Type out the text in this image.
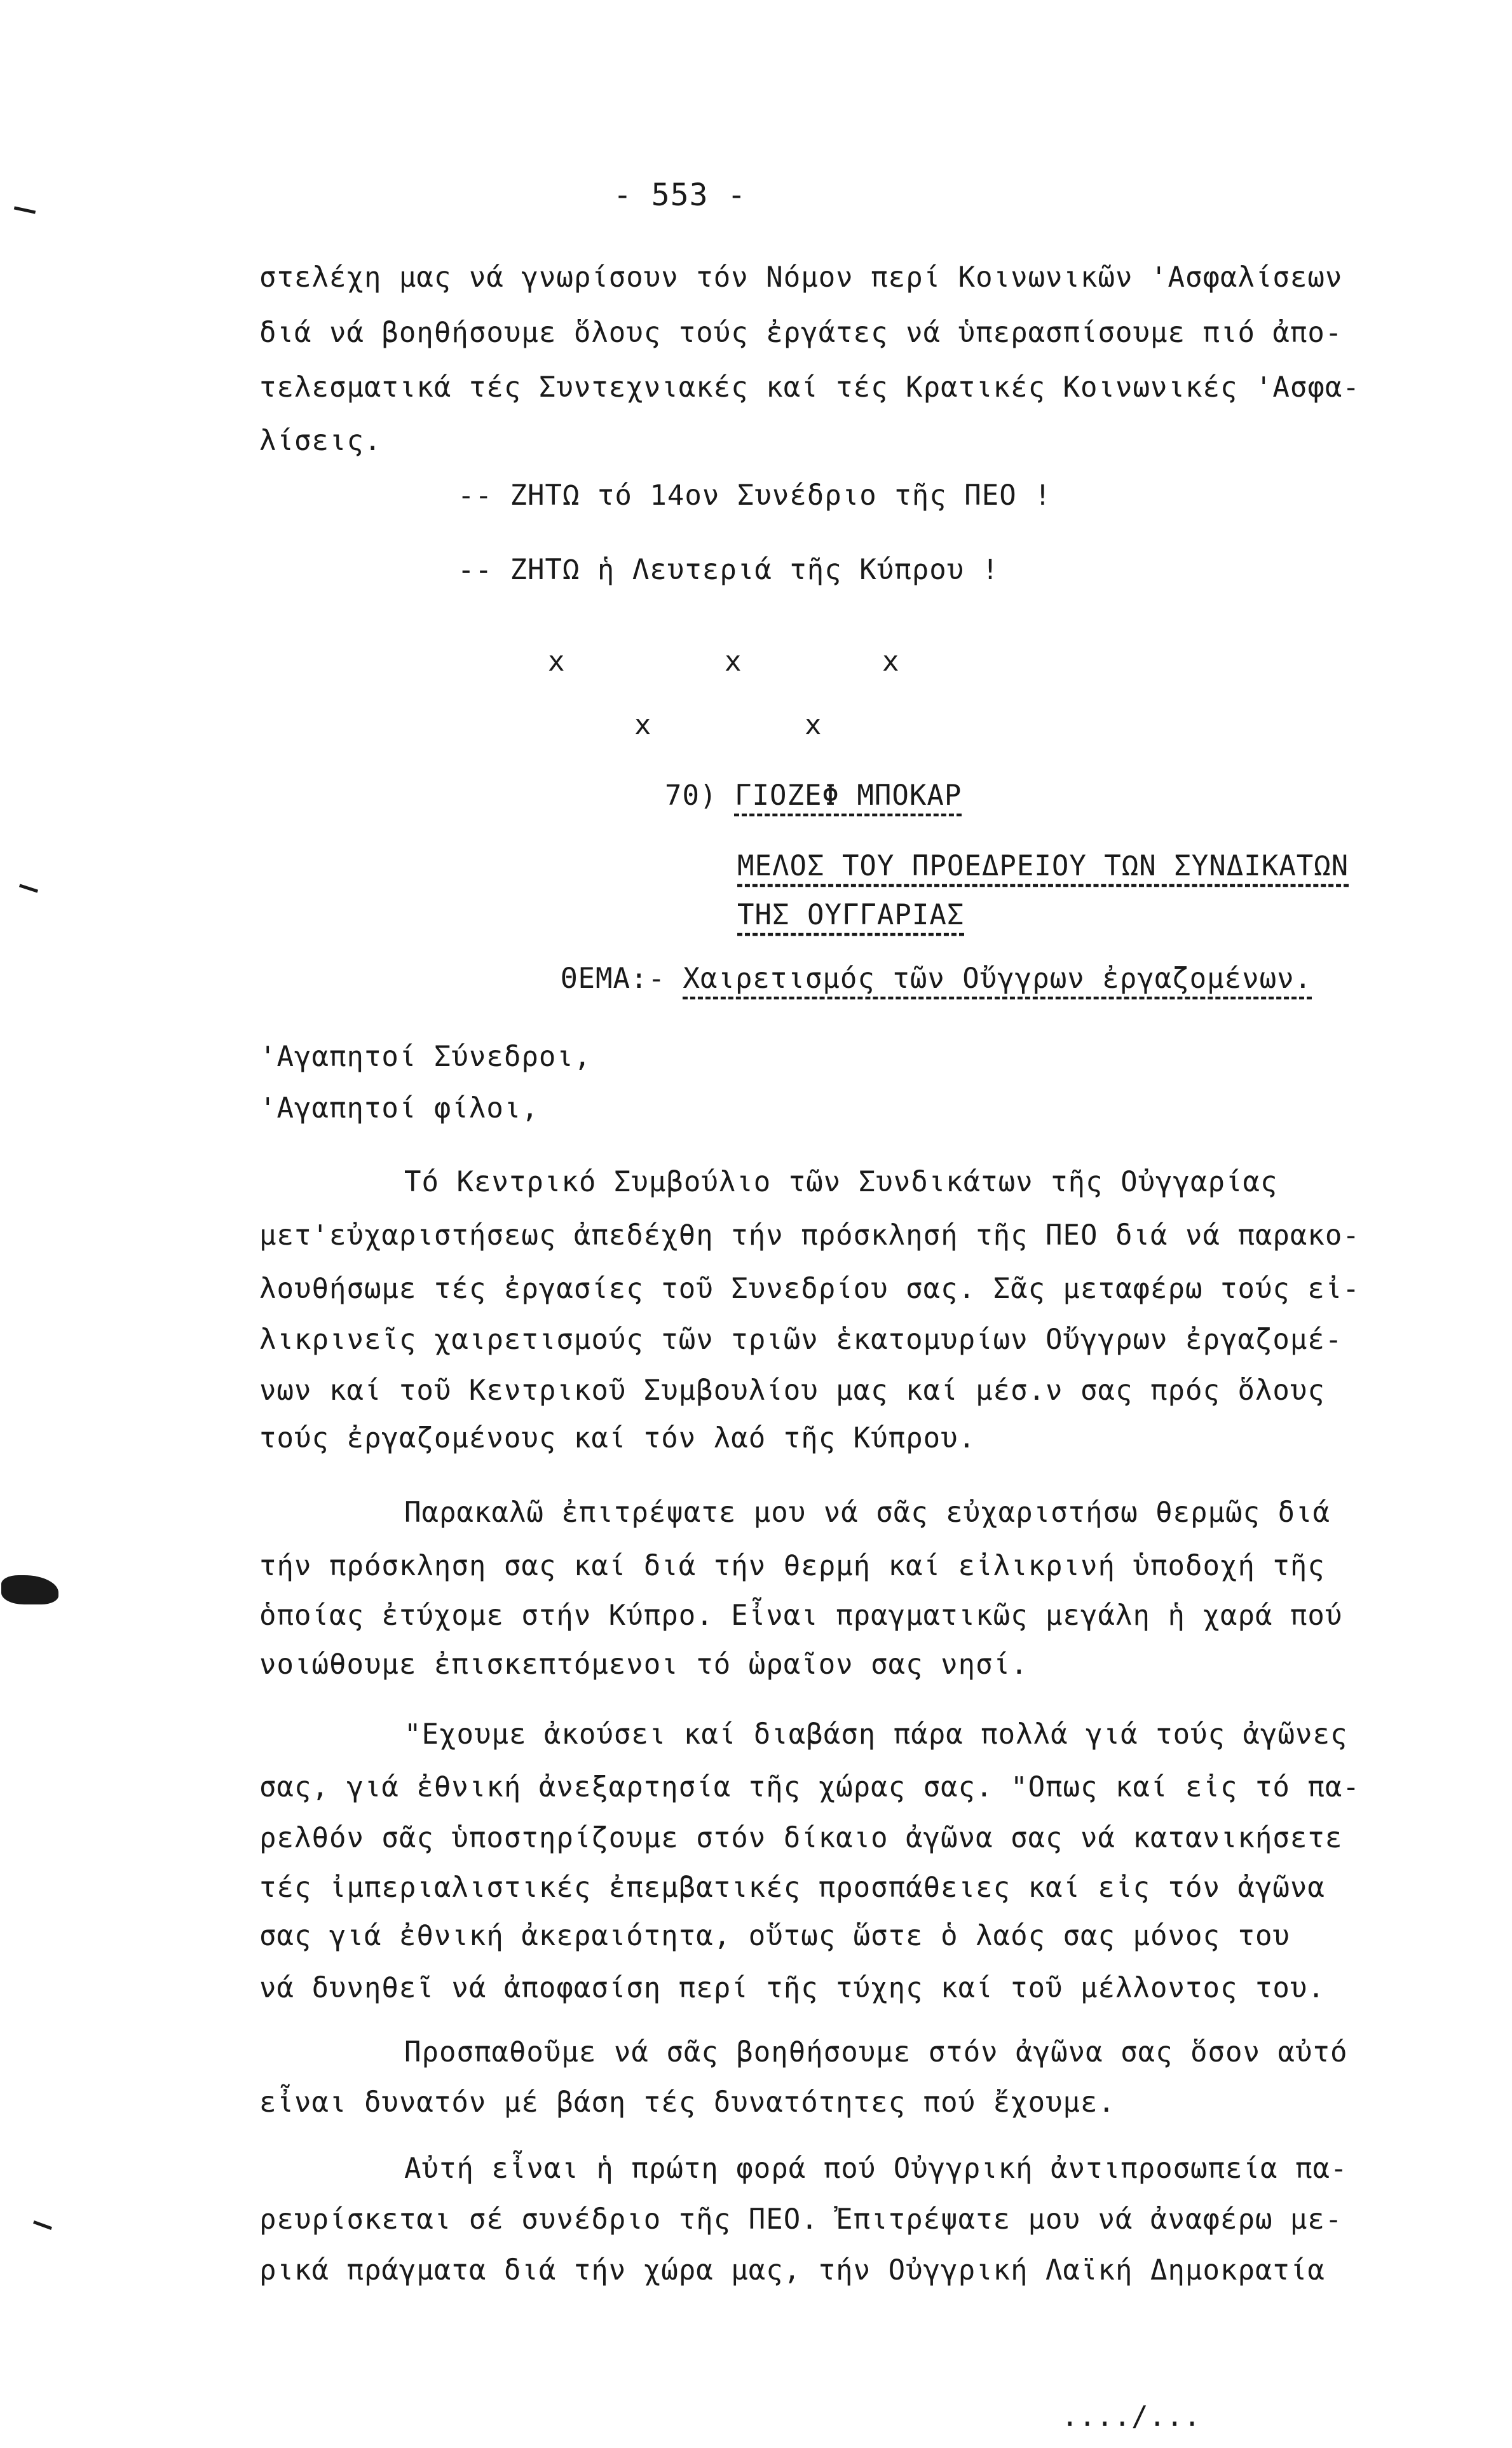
- 553 -
στελέχη μας νά γνωρίσουν τόν Νόμον περί Κοινωνικῶν 'Ασφαλίσεων
διά νά βοηθήσουμε ὅλους τούς ἐργάτες νά ὑπερασπίσουμε πιό ἀπο-
τελεσματικά τές Συντεχνιακές καί τές Κρατικές Κοινωνικές 'Ασφα-
λίσεις.
-- ΖΗΤΩ τό 14ον Συνέδριο τῆς ΠΕΟ !
-- ΖΗΤΩ ἡ Λευτεριά τῆς Κύπρου !
x	x	x
x	x
70) ΓΙΟΖΕΦ ΜΠΟΚΑΡ
ΜΕΛΟΣ ΤΟΥ ΠΡΟΕΔΡΕΙΟΥ ΤΩΝ ΣΥΝΔΙΚΑΤΩΝ
ΤΗΣ ΟΥΓΓΑΡΙΑΣ
ΘΕΜΑ:- Χαιρετισμός τῶν Οὔγγρων ἐργαζομένων.
'Αγαπητοί Σύνεδροι,
'Αγαπητοί φίλοι,
Τό Κεντρικό Συμβούλιο τῶν Συνδικάτων τῆς Οὐγγαρίας
μετ'εὐχαριστήσεως ἀπεδέχθη τήν πρόσκλησή τῆς ΠΕΟ διά νά παρακο-
λουθήσωμε τές ἐργασίες τοῦ Συνεδρίου σας. Σᾶς μεταφέρω τούς εἰ-
λικρινεῖς χαιρετισμούς τῶν τριῶν ἑκατομυρίων Οὔγγρων ἐργαζομέ-
νων καί τοῦ Κεντρικοῦ Συμβουλίου μας καί μέσ.ν σας πρός ὅλους
τούς ἐργαζομένους καί τόν λαό τῆς Κύπρου.
Παρακαλῶ ἐπιτρέψατε μου νά σᾶς εὐχαριστήσω θερμῶς διά
τήν πρόσκληση σας καί διά τήν θερμή καί εἰλικρινή ὑποδοχή τῆς
ὁποίας ἐτύχομε στήν Κύπρο. Εἶναι πραγματικῶς μεγάλη ἡ χαρά πού
νοιώθουμε ἐπισκεπτόμενοι τό ὡραῖον σας νησί.
"Εχουμε ἀκούσει καί διαβάση πάρα πολλά γιά τούς ἀγῶνες
σας, γιά ἐθνική ἀνεξαρτησία τῆς χώρας σας. "Οπως καί εἰς τό πα-
ρελθόν σᾶς ὑποστηρίζουμε στόν δίκαιο ἀγῶνα σας νά κατανικήσετε
τές ἰμπεριαλιστικές ἐπεμβατικές προσπάθειες καί εἰς τόν ἀγῶνα
σας γιά ἐθνική ἀκεραιότητα, οὕτως ὥστε ὁ λαός σας μόνος του
νά δυνηθεῖ νά ἀποφασίση περί τῆς τύχης καί τοῦ μέλλοντος του.
Προσπαθοῦμε νά σᾶς βοηθήσουμε στόν ἀγῶνα σας ὅσον αὐτό
εἶναι δυνατόν μέ βάση τές δυνατότητες πού ἔχουμε.
Αὐτή εἶναι ἡ πρώτη φορά πού Οὐγγρική ἀντιπροσωπεία πα-
ρευρίσκεται σέ συνέδριο τῆς ΠΕΟ. Ἐπιτρέψατε μου νά ἀναφέρω με-
ρικά πράγματα διά τήν χώρα μας, τήν Οὐγγρική Λαϊκή Δημοκρατία
..../...
